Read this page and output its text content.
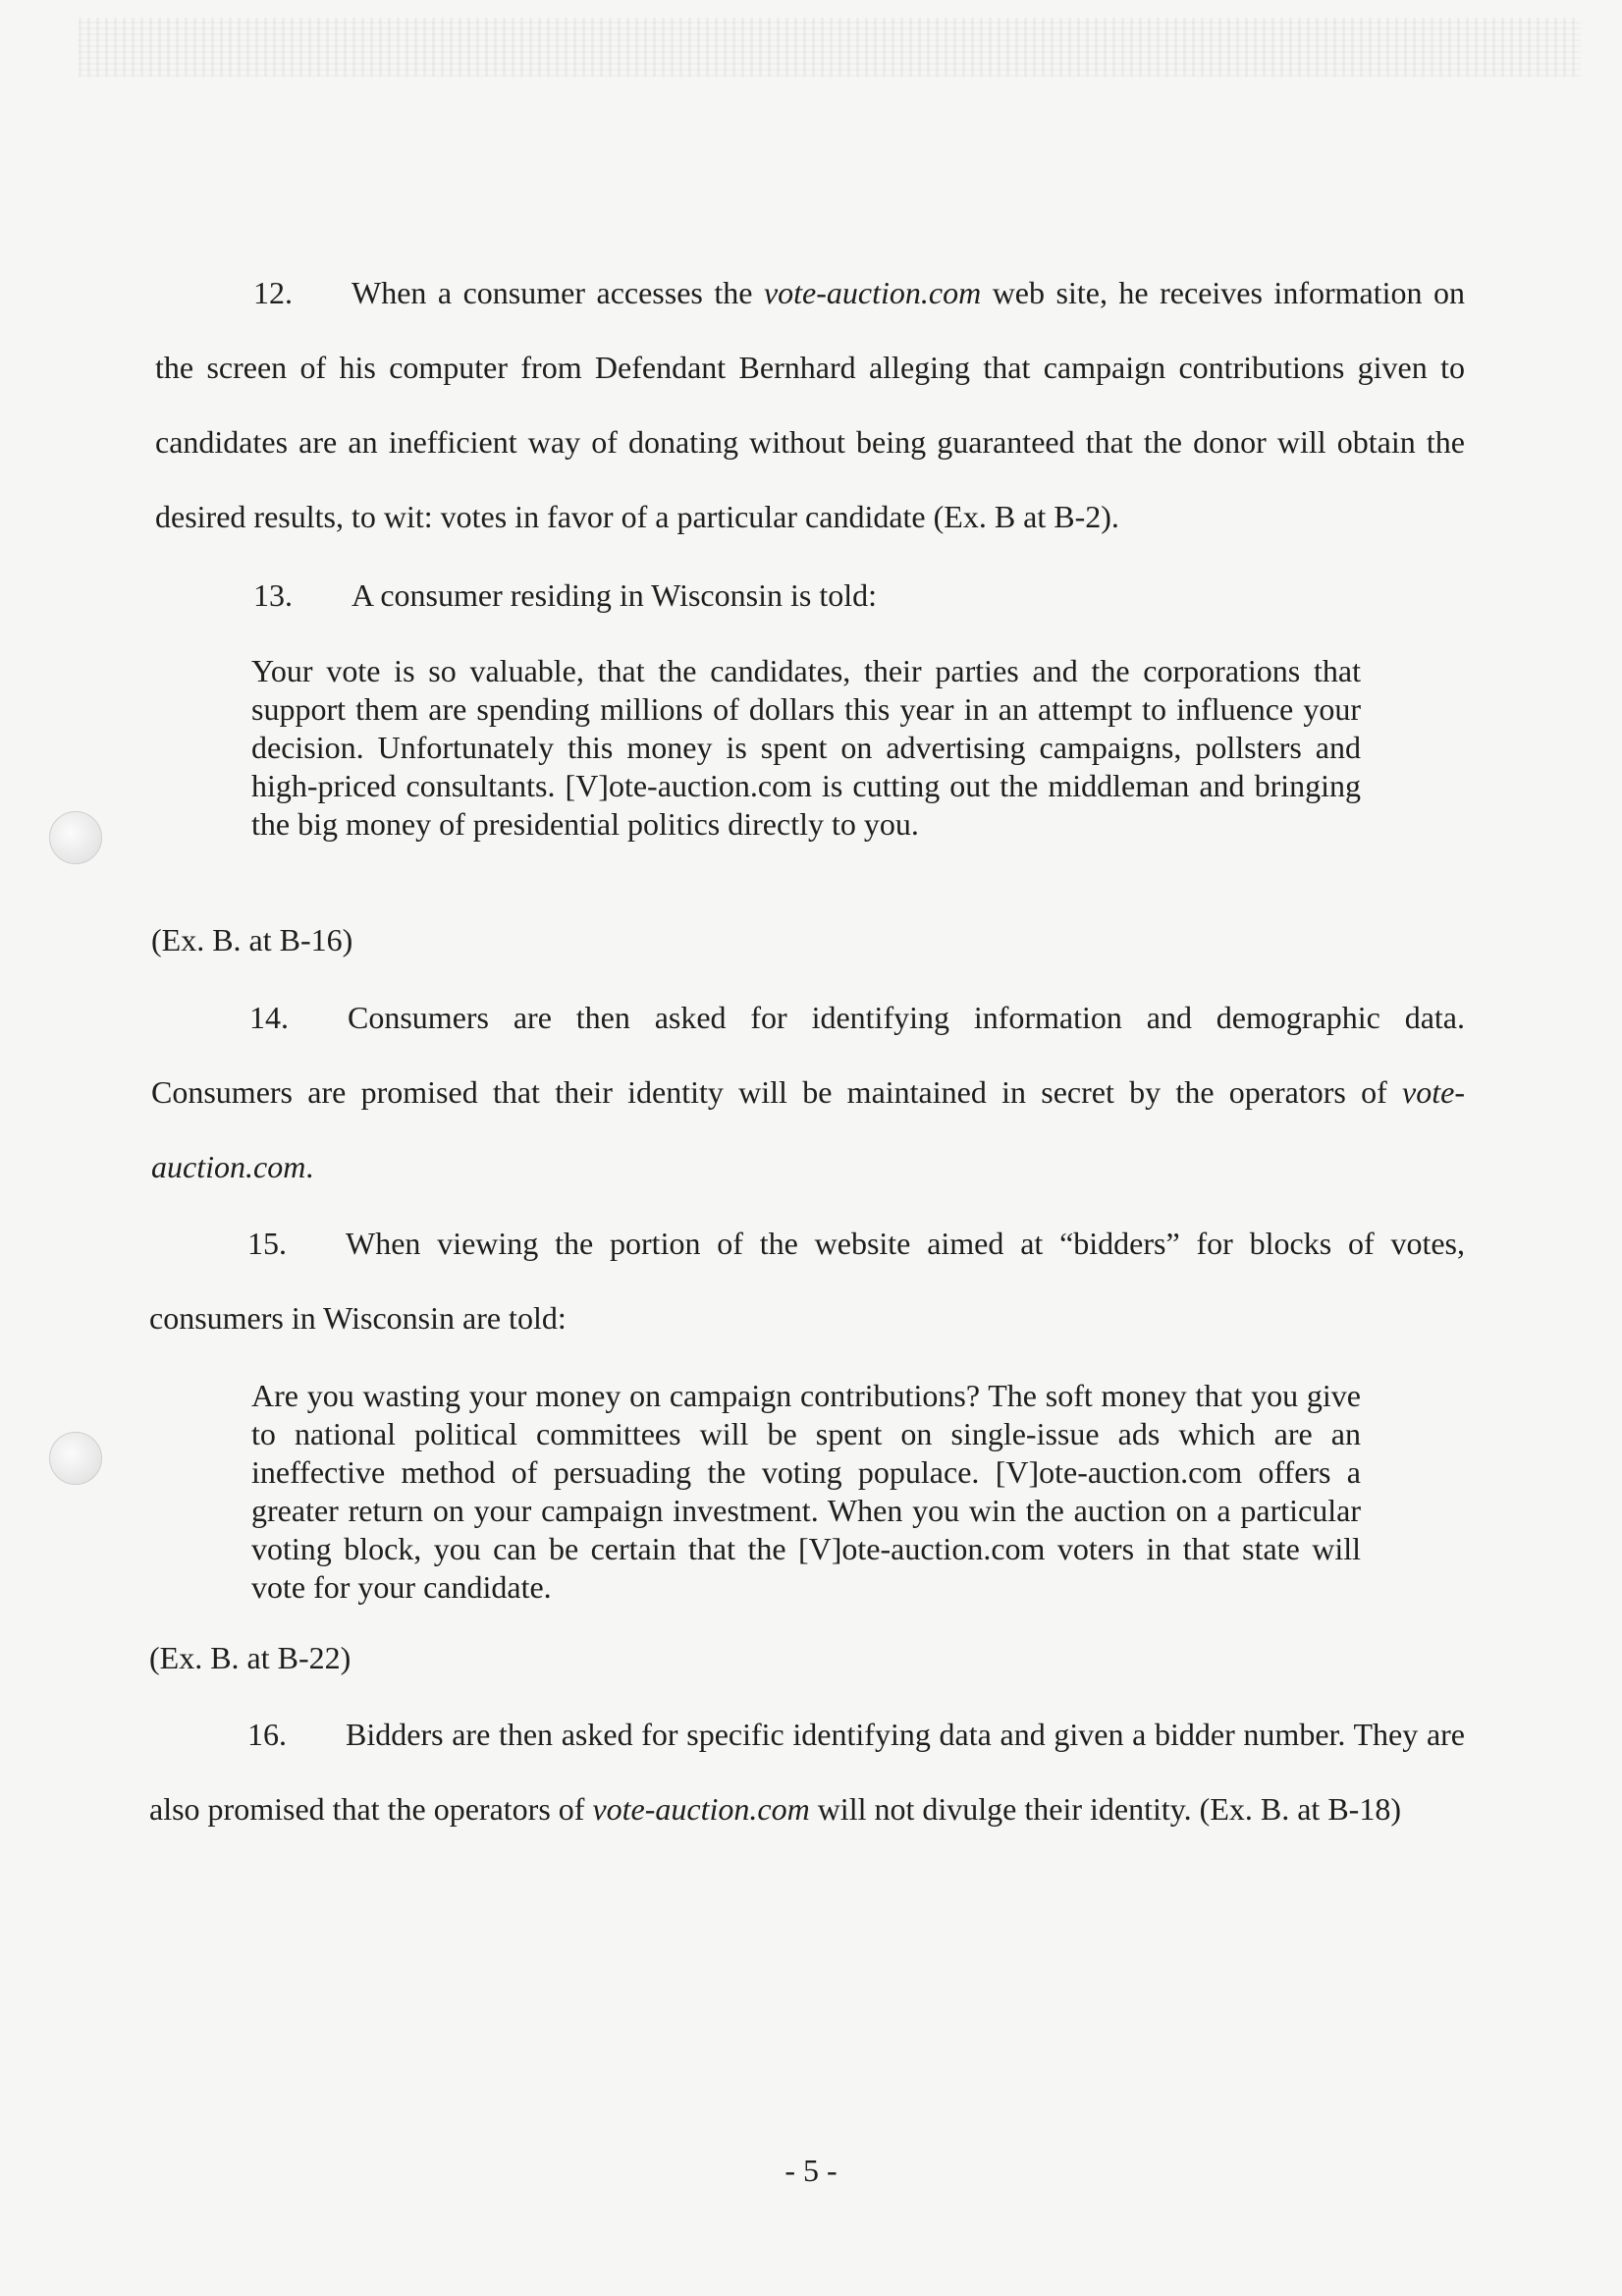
12. When a consumer accesses the vote-auction.com web site, he receives information on the screen of his computer from Defendant Bernhard alleging that campaign contributions given to candidates are an inefficient way of donating without being guaranteed that the donor will obtain the desired results, to wit: votes in favor of a particular candidate (Ex. B at B-2).

13. A consumer residing in Wisconsin is told:

Your vote is so valuable, that the candidates, their parties and the corporations that support them are spending millions of dollars this year in an attempt to influence your decision. Unfortunately this money is spent on advertising campaigns, pollsters and high-priced consultants. [V]ote-auction.com is cutting out the middleman and bringing the big money of presidential politics directly to you.

(Ex. B. at B-16)

14. Consumers are then asked for identifying information and demographic data. Consumers are promised that their identity will be maintained in secret by the operators of vote-auction.com.

15. When viewing the portion of the website aimed at “bidders” for blocks of votes, consumers in Wisconsin are told:

Are you wasting your money on campaign contributions? The soft money that you give to national political committees will be spent on single-issue ads which are an ineffective method of persuading the voting populace. [V]ote-auction.com offers a greater return on your campaign investment. When you win the auction on a particular voting block, you can be certain that the [V]ote-auction.com voters in that state will vote for your candidate.

(Ex. B. at B-22)

16. Bidders are then asked for specific identifying data and given a bidder number. They are also promised that the operators of vote-auction.com will not divulge their identity. (Ex. B. at B-18)

- 5 -
